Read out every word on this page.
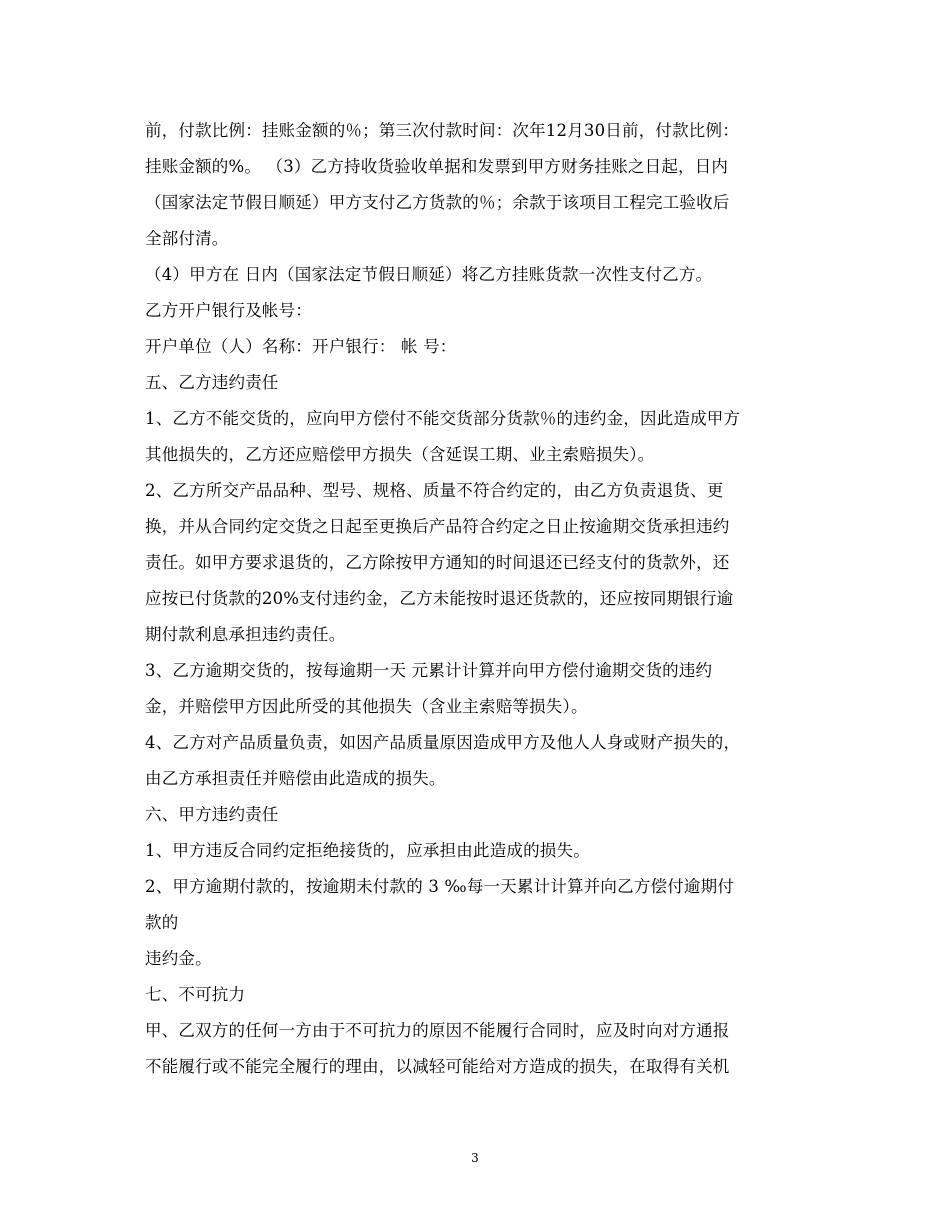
前，付款比例：挂账金额的％；第三次付款时间：次年12月30日前，付款比例：
挂账金额的%。 （3）乙方持收货验收单据和发票到甲方财务挂账之日起，日内
（国家法定节假日顺延）甲方支付乙方货款的％；余款于该项目工程完工验收后
全部付清。
（4）甲方在 日内（国家法定节假日顺延）将乙方挂账货款一次性支付乙方。
乙方开户银行及帐号：
开户单位（人）名称：开户银行： 帐 号：
五、乙方违约责任
1、乙方不能交货的，应向甲方偿付不能交货部分货款％的违约金，因此造成甲方
其他损失的，乙方还应赔偿甲方损失（含延误工期、业主索赔损失）。
2、乙方所交产品品种、型号、规格、质量不符合约定的，由乙方负责退货、更
换，并从合同约定交货之日起至更换后产品符合约定之日止按逾期交货承担违约
责任。如甲方要求退货的，乙方除按甲方通知的时间退还已经支付的货款外，还
应按已付货款的20%支付违约金，乙方未能按时退还货款的，还应按同期银行逾
期付款利息承担违约责任。
3、乙方逾期交货的，按每逾期一天 元累计计算并向甲方偿付逾期交货的违约
金，并赔偿甲方因此所受的其他损失（含业主索赔等损失）。
4、乙方对产品质量负责，如因产品质量原因造成甲方及他人人身或财产损失的，
由乙方承担责任并赔偿由此造成的损失。
六、甲方违约责任
1、甲方违反合同约定拒绝接货的，应承担由此造成的损失。
2、甲方逾期付款的，按逾期未付款的 3 ‰每一天累计计算并向乙方偿付逾期付
款的
违约金。
七、不可抗力
甲、乙双方的任何一方由于不可抗力的原因不能履行合同时，应及时向对方通报
不能履行或不能完全履行的理由，以减轻可能给对方造成的损失，在取得有关机
3
